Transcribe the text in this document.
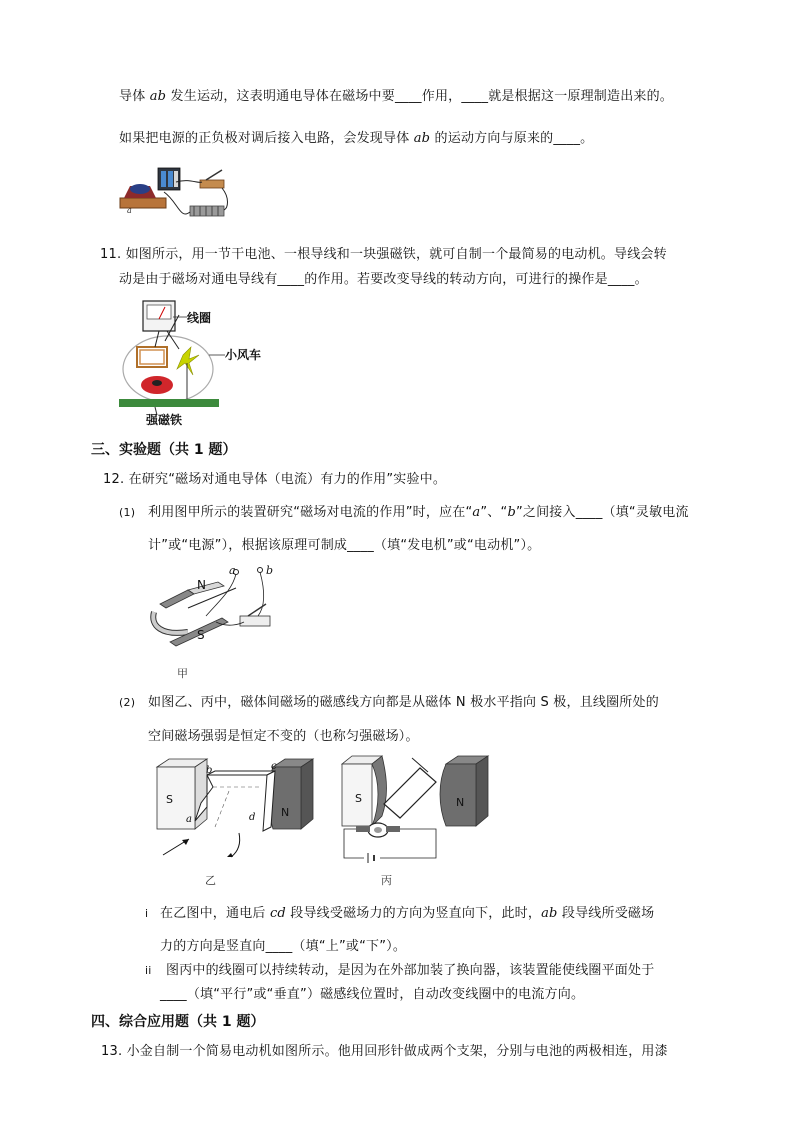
导体 ab 发生运动，这表明通电导体在磁场中要____作用，____就是根据这一原理制造出来的。
如果把电源的正负极对调后接入电路，会发现导体 ab 的运动方向与原来的____。
a
11. 如图所示，用一节干电池、一根导线和一块强磁铁，就可自制一个最简易的电动机。导线会转
动是由于磁场对通电导线有____的作用。若要改变导线的转动方向，可进行的操作是____。
线圈
小风车
强磁铁
三、实验题（共 1 题）
12. 在研究“磁场对通电导体（电流）有力的作用”实验中。
(1) 利用图甲所示的装置研究“磁场对电流的作用”时，应在“a”、“b”之间接入____（填“灵敏电流
计”或“电源”），根据该原理可制成____（填“发电机”或“电动机”）。
N
S
a	b
甲
(2) 如图乙、丙中，磁体间磁场的磁感线方向都是从磁体 N 极水平指向 S 极，且线圈所处的
空间磁场强弱是恒定不变的（也称匀强磁场）。
S
N
a
b	c
d
乙
S	N
丙
i 在乙图中，通电后 cd 段导线受磁场力的方向为竖直向下，此时，ab 段导线所受磁场
力的方向是竖直向____（填“上”或“下”）。
ii 图丙中的线圈可以持续转动，是因为在外部加装了换向器，该装置能使线圈平面处于
____（填“平行”或“垂直”）磁感线位置时，自动改变线圈中的电流方向。
四、综合应用题（共 1 题）
13. 小金自制一个简易电动机如图所示。他用回形针做成两个支架，分别与电池的两极相连，用漆
